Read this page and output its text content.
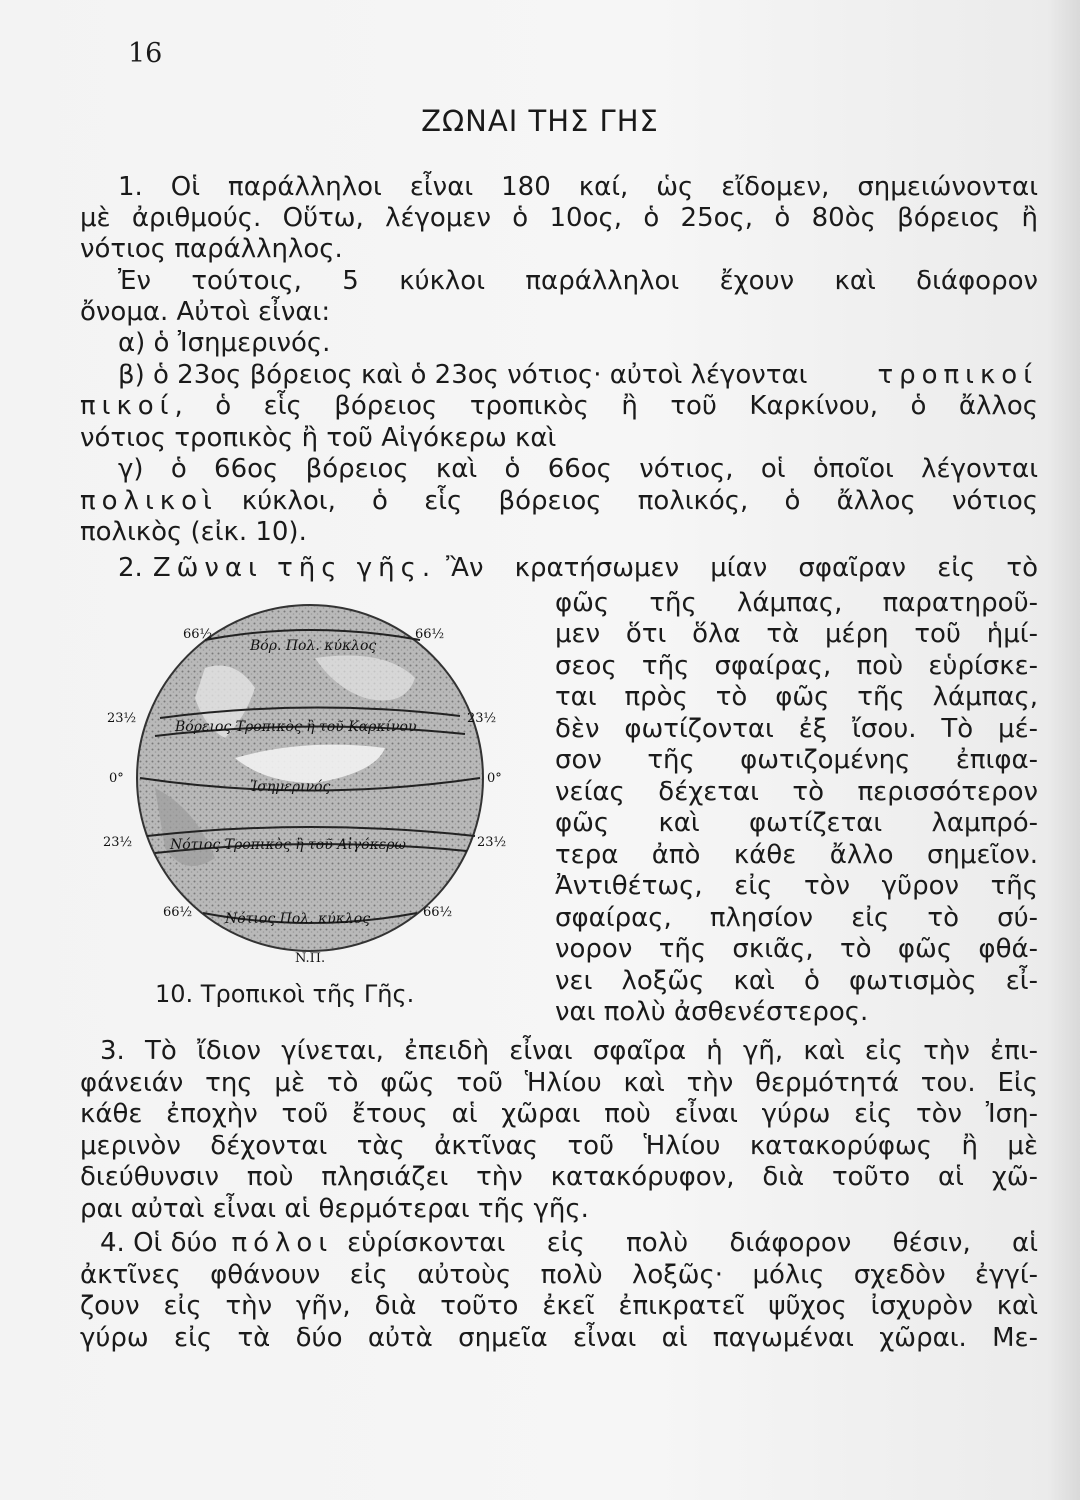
16
ΖΩΝΑΙ ΤΗΣ ΓΗΣ
1. Οἱ παράλληλοι εἶναι 180 καί, ὡς εἴδομεν, σημειώνονται
μὲ ἀριθμούς. Οὕτω, λέγομεν ὁ 10ος, ὁ 25ος, ὁ 80ὸς βόρειος ἢ
νότιος παράλληλος.
Ἐν τούτοις, 5 κύκλοι παράλληλοι ἔχουν καὶ διάφορον
ὄνομα. Αὐτοὶ εἶναι:
α) ὁ Ἰσημερινός.
β) ὁ 23ος βόρειος καὶ ὁ 23ος νότιος· αὐτοὶ λέγονται	τροπικοί
πικοί , ὁ εἷς βόρειος τροπικὸς ἢ τοῦ Καρκίνου, ὁ ἄλλος
νότιος τροπικὸς ἢ τοῦ Αἰγόκερω καὶ
γ) ὁ 66ος βόρειος καὶ ὁ 66ος νότιος, οἱ ὁποῖοι λέγονται
πολικοὶ κύκλοι, ὁ εἷς βόρειος πολικός, ὁ ἄλλος νότιος
πολικὸς (εἰκ. 10).
2. Ζῶναι τῆς γῆς. Ἂν κρατήσωμεν μίαν σφαῖραν εἰς τὸ
φῶς τῆς λάμπας, παρατηροῦ-
μεν ὅτι ὅλα τὰ μέρη τοῦ ἡμί-
σεος τῆς σφαίρας, ποὺ εὑρίσκε-
ται πρὸς τὸ φῶς τῆς λάμπας,
δὲν φωτίζονται ἐξ ἴσου. Τὸ μέ-
σον τῆς φωτιζομένης ἐπιφα-
νείας δέχεται τὸ περισσότερον
φῶς καὶ φωτίζεται λαμπρό-
τερα ἀπὸ κάθε ἄλλο σημεῖον.
Ἀντιθέτως, εἰς τὸν γῦρον τῆς
σφαίρας, πλησίον εἰς τὸ σύ-
νορον τῆς σκιᾶς, τὸ φῶς φθά-
νει λοξῶς καὶ ὁ φωτισμὸς εἶ-
ναι πολὺ ἀσθενέστερος.
Βόρ. Πολ. κύκλος
Βόρειος Τροπικὸς ἢ τοῦ Καρκίνου
Ἰσημερινός
Νότιος Τροπικὸς ἢ τοῦ Αἰγόκερω
Νότιος Πολ. κύκλος
66½	66½
23½	23½
0°	0°
23½	23½
66½	66½
N.Π.
10. Τροπικοὶ τῆς Γῆς.
3. Τὸ ἴδιον γίνεται, ἐπειδὴ εἶναι σφαῖρα ἡ γῆ, καὶ εἰς τὴν ἐπι-
φάνειάν της μὲ τὸ φῶς τοῦ Ἡλίου καὶ τὴν θερμότητά του. Εἰς
κάθε ἐποχὴν τοῦ ἔτους αἱ χῶραι ποὺ εἶναι γύρω εἰς τὸν Ἰση-
μερινὸν δέχονται τὰς ἀκτῖνας τοῦ Ἡλίου κατακορύφως ἢ μὲ
διεύθυνσιν ποὺ πλησιάζει τὴν κατακόρυφον, διὰ τοῦτο αἱ χῶ-
ραι αὐταὶ εἶναι αἱ θερμότεραι τῆς γῆς.
4. Οἱ δύο πόλοι εὑρίσκονται εἰς πολὺ διάφορον θέσιν, αἱ
ἀκτῖνες φθάνουν εἰς αὐτοὺς πολὺ λοξῶς· μόλις σχεδὸν ἐγγί-
ζουν εἰς τὴν γῆν, διὰ τοῦτο ἐκεῖ ἐπικρατεῖ ψῦχος ἰσχυρὸν καὶ
γύρω εἰς τὰ δύο αὐτὰ σημεῖα εἶναι αἱ παγωμέναι χῶραι. Με-
